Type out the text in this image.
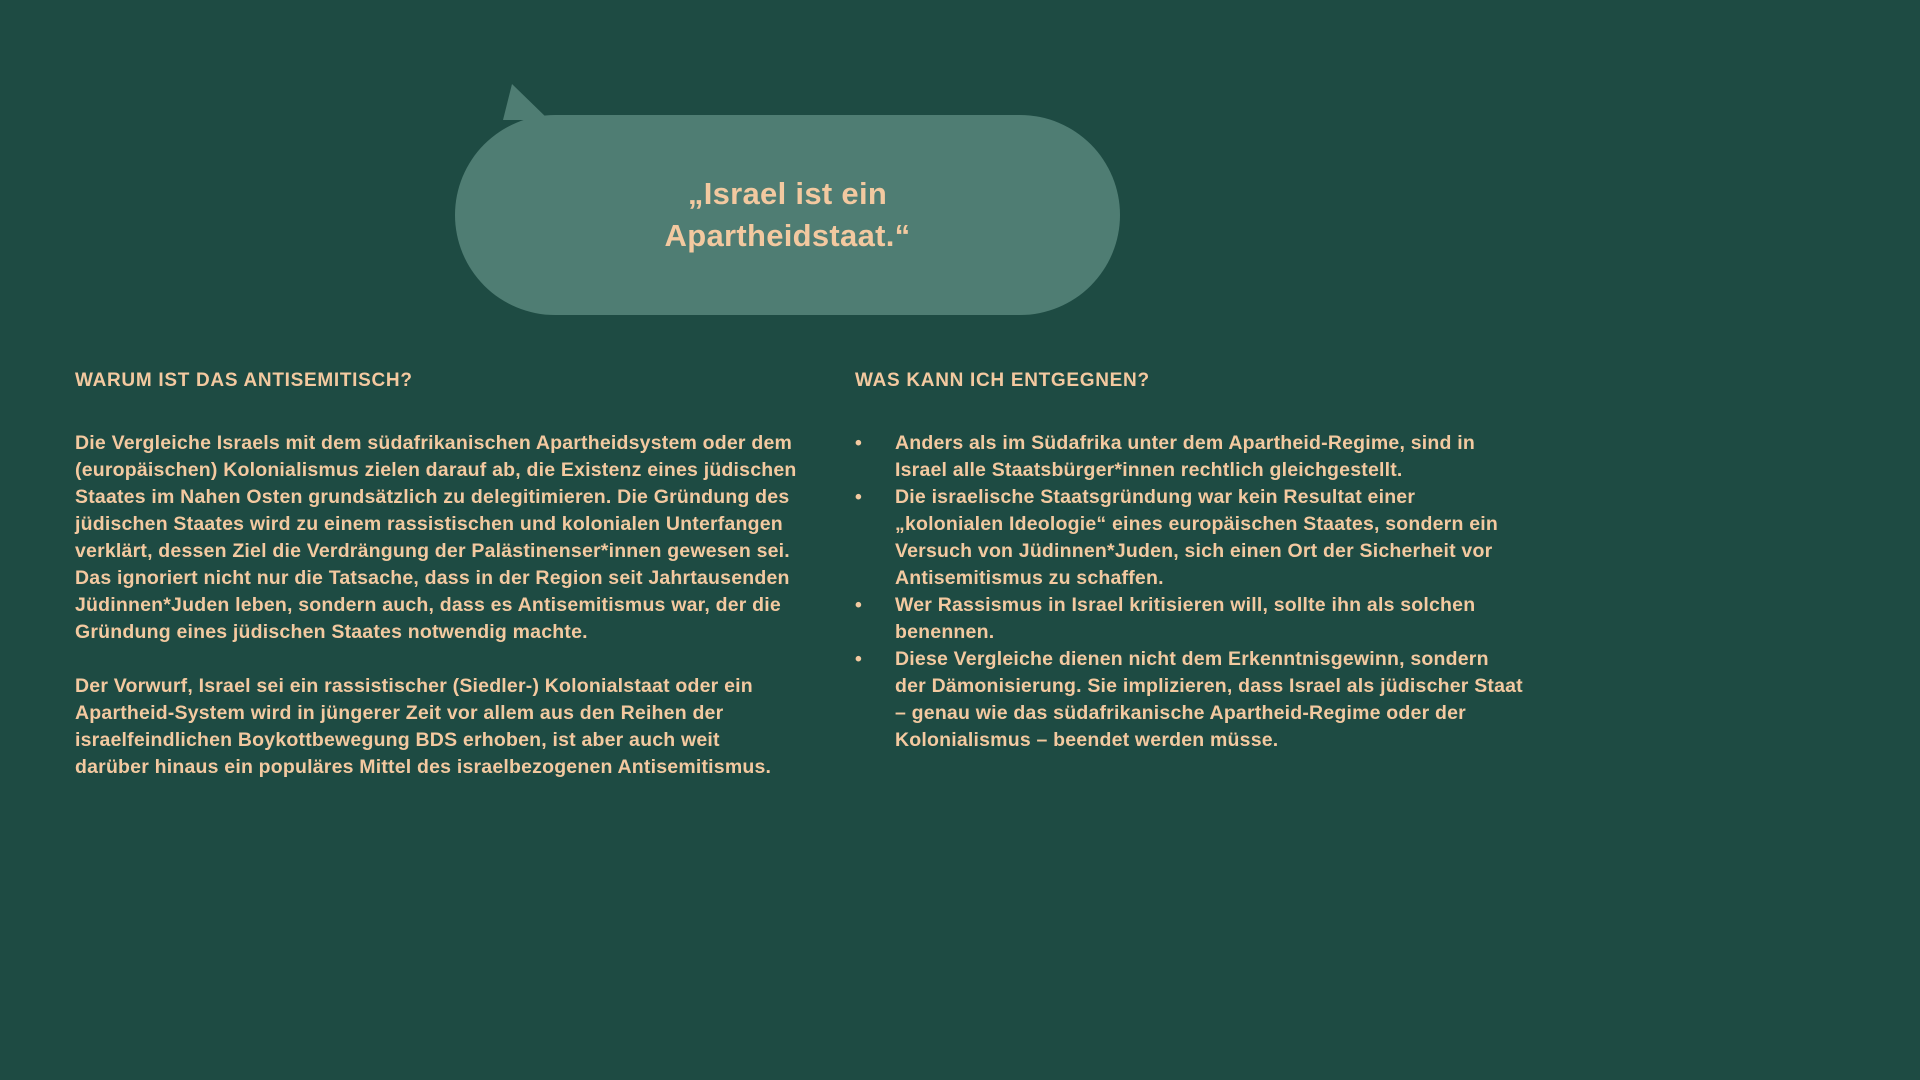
„Israel ist ein
Apartheidstaat.“
WARUM IST DAS ANTISEMITISCH?

Die Vergleiche Israels mit dem südafrikanischen Apartheidsystem oder dem (europäischen) Kolonialismus zielen darauf ab, die Existenz eines jüdischen Staates im Nahen Osten grundsätzlich zu delegitimieren. Die Gründung des jüdischen Staates wird zu einem rassistischen und kolonialen Unterfangen verklärt, dessen Ziel die Verdrängung der Palästinenser*innen gewesen sei. Das ignoriert nicht nur die Tatsache, dass in der Region seit Jahrtausenden Jüdinnen*Juden leben, sondern auch, dass es Antisemitismus war, der die Gründung eines jüdischen Staates notwendig machte.

Der Vorwurf, Israel sei ein rassistischer (Siedler-) Kolonialstaat oder ein Apartheid-System wird in jüngerer Zeit vor allem aus den Reihen der israelfeindlichen Boykottbewegung BDS erhoben, ist aber auch weit darüber hinaus ein populäres Mittel des israelbezogenen Antisemitismus.

WAS KANN ICH ENTGEGNEN?
•	Anders als im Südafrika unter dem Apartheid-Regime, sind in Israel alle Staatsbürger*innen rechtlich gleichgestellt.
•	Die israelische Staatsgründung war kein Resultat einer „kolonialen Ideologie“ eines europäischen Staates, sondern ein Versuch von Jüdinnen*Juden, sich einen Ort der Sicherheit vor Antisemitismus zu schaffen.
•	Wer Rassismus in Israel kritisieren will, sollte ihn als solchen benennen.
•	Diese Vergleiche dienen nicht dem Erkenntnisgewinn, sondern der Dämonisierung. Sie implizieren, dass Israel als jüdischer Staat – genau wie das südafrikanische Apartheid-Regime oder der Kolonialismus – beendet werden müsse.
